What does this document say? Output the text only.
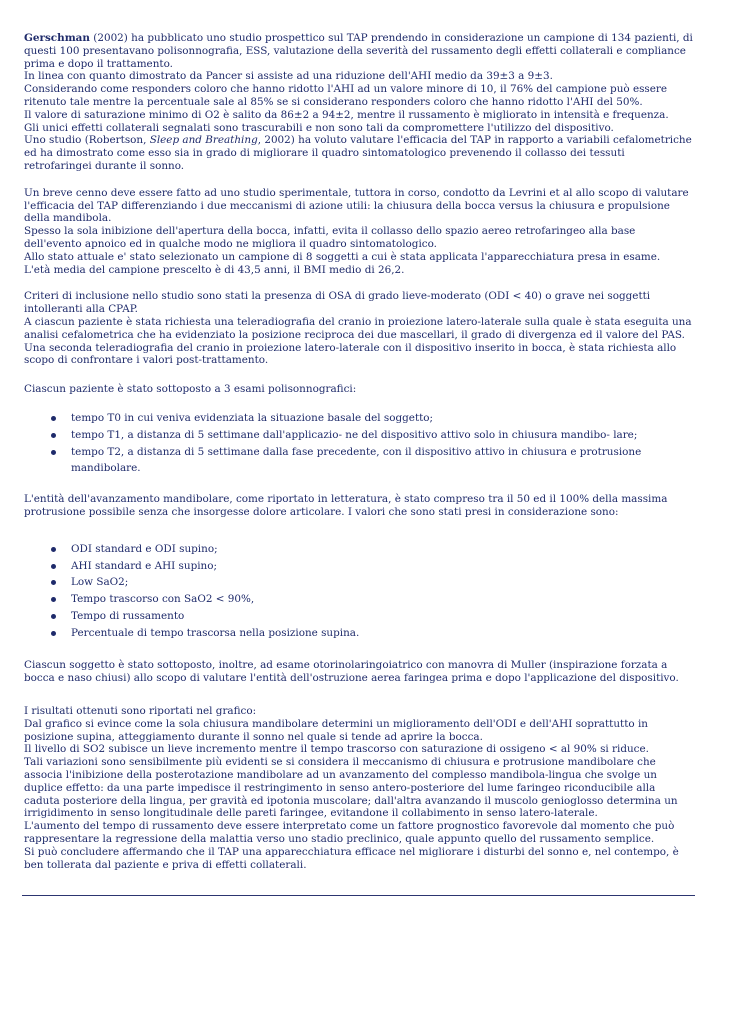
Gerschman (2002) ha pubblicato uno studio prospettico sul TAP prendendo in considerazione un campione di 134 pazienti, di questi 100 presentavano polisonnografia, ESS, valutazione della severità del russamento degli effetti collaterali e compliance prima e dopo il trattamento.

In linea con quanto dimostrato da Pancer si assiste ad una riduzione dell'AHI medio da 39±3 a 9±3.

Considerando come responders coloro che hanno ridotto l'AHI ad un valore minore di 10, il 76% del campione può essere ritenuto tale mentre la percentuale sale al 85% se si considerano responders coloro che hanno ridotto l'AHI del 50%.

Il valore di saturazione minimo di O2 è salito da 86±2 a 94±2, mentre il russamento è migliorato in intensità e frequenza.

Gli unici effetti collaterali segnalati sono trascurabili e non sono tali da compromettere l'utilizzo del dispositivo.

Uno studio (Robertson, Sleep and Breathing, 2002) ha voluto valutare l'efficacia del TAP in rapporto a variabili cefalometriche ed ha dimostrato come esso sia in grado di migliorare il quadro sintomatologico prevenendo il collasso dei tessuti retrofaringei durante il sonno.

Un breve cenno deve essere fatto ad uno studio sperimentale, tuttora in corso, condotto da Levrini et al allo scopo di valutare l'efficacia del TAP differenziando i due meccanismi di azione utili: la chiusura della bocca versus la chiusura e propulsione della mandibola.

Spesso la sola inibizione dell'apertura della bocca, infatti, evita il collasso dello spazio aereo retrofaringeo alla base dell'evento apnoico ed in qualche modo ne migliora il quadro sintomatologico.

Allo stato attuale e' stato selezionato un campione di 8 soggetti a cui è stata applicata l'apparecchiatura presa in esame.

L'età media del campione prescelto è di 43,5 anni, il BMI medio di 26,2.

Criteri di inclusione nello studio sono stati la presenza di OSA di grado lieve-moderato (ODI < 40) o grave nei soggetti intolleranti alla CPAP.

A ciascun paziente è stata richiesta una teleradiografia del cranio in proiezione latero-laterale sulla quale è stata eseguita una analisi cefalometrica che ha evidenziato la posizione reciproca dei due mascellari, il grado di divergenza ed il valore del PAS.

Una seconda teleradiografia del cranio in proiezione latero-laterale con il dispositivo inserito in bocca, è stata richiesta allo scopo di confrontare i valori post-trattamento.

Ciascun paziente è stato sottoposto a 3 esami polisonnografici:

tempo T0 in cui veniva evidenziata la situazione basale del soggetto;
tempo T1, a distanza di 5 settimane dall'applicazio- ne del dispositivo attivo solo in chiusura mandibo- lare;
tempo T2, a distanza di 5 settimane dalla fase precedente, con il dispositivo attivo in chiusura e protrusione mandibolare.

L'entità dell'avanzamento mandibolare, come riportato in letteratura, è stato compreso tra il 50 ed il 100% della massima protrusione possibile senza che insorgesse dolore articolare. I valori che sono stati presi in considerazione sono:

ODI standard e ODI supino;
AHI standard e AHI supino;
Low SaO2;
Tempo trascorso con SaO2 < 90%,
Tempo di russamento
Percentuale di tempo trascorsa nella posizione supina.

Ciascun soggetto è stato sottoposto, inoltre, ad esame otorinolaringoiatrico con manovra di Muller (inspirazione forzata a bocca e naso chiusi) allo scopo di valutare l'entità dell'ostruzione aerea faringea prima e dopo l'applicazione del dispositivo.

I risultati ottenuti sono riportati nel grafico:

Dal grafico si evince come la sola chiusura mandibolare determini un miglioramento dell'ODI e dell'AHI soprattutto in posizione supina, atteggiamento durante il sonno nel quale si tende ad aprire la bocca.

Il livello di SO2 subisce un lieve incremento mentre il tempo trascorso con saturazione di ossigeno < al 90% si riduce.

Tali variazioni sono sensibilmente più evidenti se si considera il meccanismo di chiusura e protrusione mandibolare che associa l'inibizione della posterotazione mandibolare ad un avanzamento del complesso mandibola-lingua che svolge un duplice effetto: da una parte impedisce il restringimento in senso antero-posteriore del lume faringeo riconducibile alla caduta posteriore della lingua, per gravità ed ipotonia muscolare; dall'altra avanzando il muscolo genioglosso determina un irrigidimento in senso longitudinale delle pareti faringee, evitandone il collabimento in senso latero-laterale.

L'aumento del tempo di russamento deve essere interpretato come un fattore prognostico favorevole dal momento che può rappresentare la regressione della malattia verso uno stadio preclinico, quale appunto quello del russamento semplice.

Si può concludere affermando che il TAP una apparecchiatura efficace nel migliorare i disturbi del sonno e, nel contempo, è ben tollerata dal paziente e priva di effetti collaterali.
